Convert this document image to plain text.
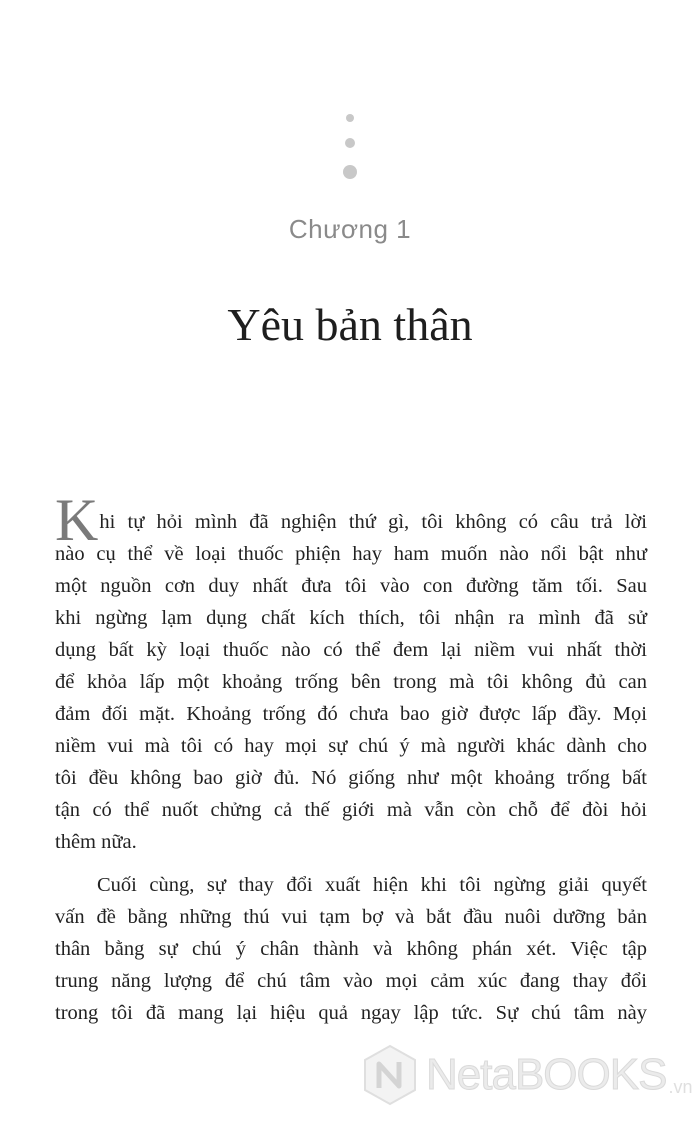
Chương 1
Yêu bản thân
Khi tự hỏi mình đã nghiện thứ gì, tôi không có câu trả lời
nào cụ thể về loại thuốc phiện hay ham muốn nào nổi bật như
một nguồn cơn duy nhất đưa tôi vào con đường tăm tối. Sau
khi ngừng lạm dụng chất kích thích, tôi nhận ra mình đã sử
dụng bất kỳ loại thuốc nào có thể đem lại niềm vui nhất thời
để khỏa lấp một khoảng trống bên trong mà tôi không đủ can
đảm đối mặt. Khoảng trống đó chưa bao giờ được lấp đầy. Mọi
niềm vui mà tôi có hay mọi sự chú ý mà người khác dành cho
tôi đều không bao giờ đủ. Nó giống như một khoảng trống bất
tận có thể nuốt chửng cả thế giới mà vẫn còn chỗ để đòi hỏi
thêm nữa.
Cuối cùng, sự thay đổi xuất hiện khi tôi ngừng giải quyết
vấn đề bằng những thú vui tạm bợ và bắt đầu nuôi dưỡng bản
thân bằng sự chú ý chân thành và không phán xét. Việc tập
trung năng lượng để chú tâm vào mọi cảm xúc đang thay đổi
trong tôi đã mang lại hiệu quả ngay lập tức. Sự chú tâm này
NetaBOOKS .vn
